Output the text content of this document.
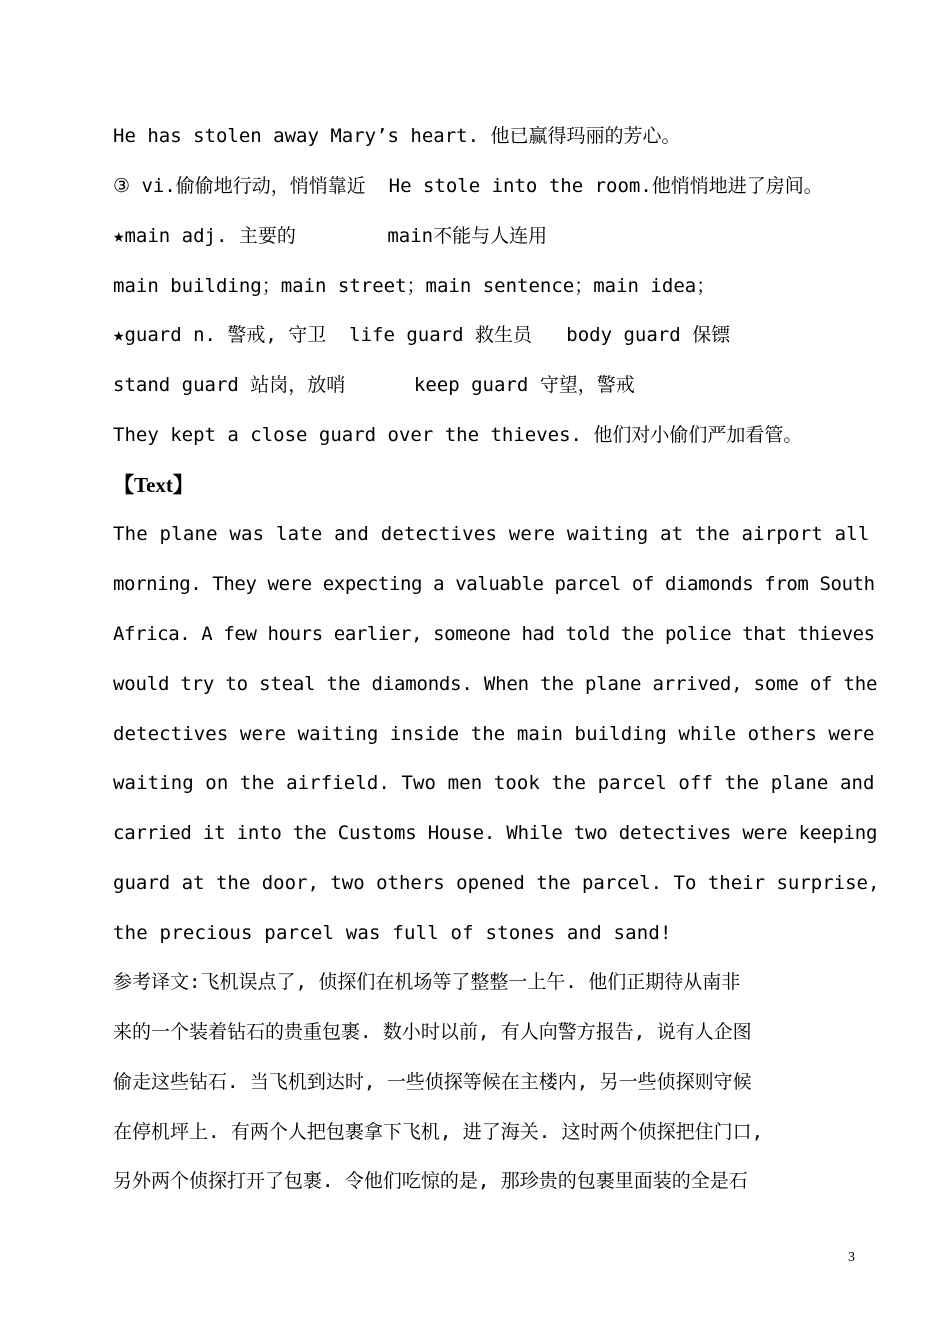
He has stolen away Mary’s heart. 他已赢得玛丽的芳心。
③ vi.偷偷地行动，悄悄靠近  He stole into the room.他悄悄地进了房间。
★main adj. 主要的        main不能与人连用
main building；main street；main sentence；main idea；
★guard n. 警戒, 守卫  life guard 救生员   body guard 保镖
stand guard 站岗，放哨      keep guard 守望，警戒
They kept a close guard over the thieves. 他们对小偷们严加看管。
【Text】
The plane was late and detectives were waiting at the airport all
morning. They were expecting a valuable parcel of diamonds from South
Africa. A few hours earlier, someone had told the police that thieves
would try to steal the diamonds. When the plane arrived, some of the
detectives were waiting inside the main building while others were
waiting on the airfield. Two men took the parcel off the plane and
carried it into the Customs House. While two detectives were keeping
guard at the door, two others opened the parcel. To their surprise,
the precious parcel was full of stones and sand!
参考译文:飞机误点了, 侦探们在机场等了整整一上午. 他们正期待从南非
来的一个装着钻石的贵重包裹. 数小时以前, 有人向警方报告, 说有人企图
偷走这些钻石. 当飞机到达时, 一些侦探等候在主楼内, 另一些侦探则守候
在停机坪上. 有两个人把包裹拿下飞机, 进了海关. 这时两个侦探把住门口,
另外两个侦探打开了包裹. 令他们吃惊的是, 那珍贵的包裹里面装的全是石
3
